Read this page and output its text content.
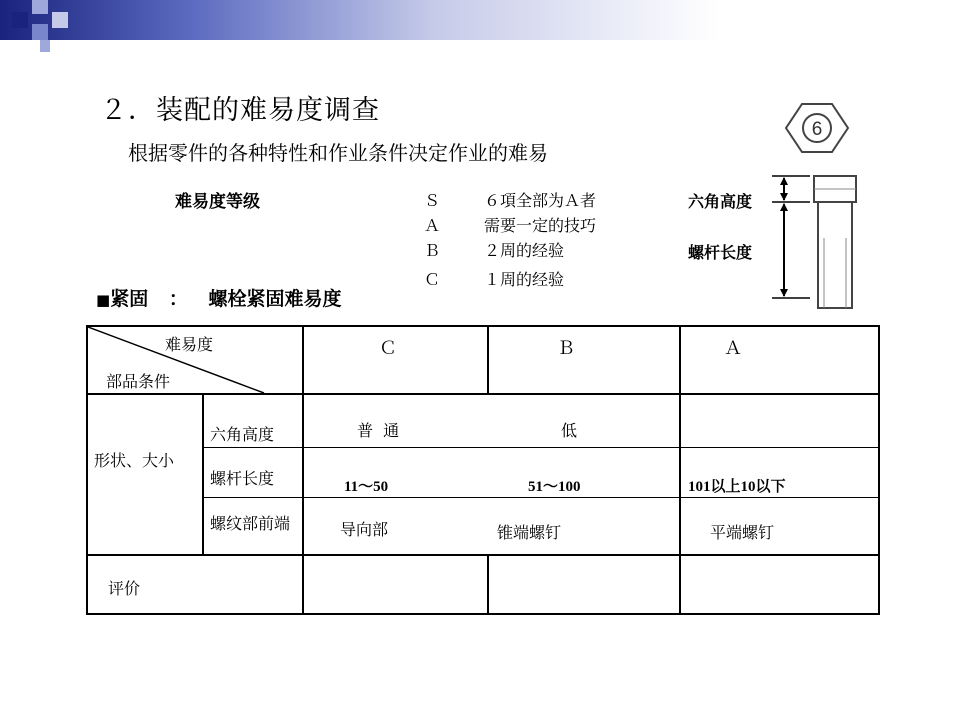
２．装配的难易度调查
根据零件的各种特性和作业条件决定作业的难易
难易度等级	Ｓ	６項全部为Ａ者
Ａ	需要一定的技巧
Ｂ	２周的经验
Ｃ	１周的经验
6
六角高度
螺杆长度
■紧固 ： 螺栓紧固难易度
难易度
部品条件
Ｃ	Ｂ	Ａ
形状、大小
六角高度	普  通	低
螺杆长度	11～50	51～100	101以上10以下
螺纹部前端	导向部	锥端螺钉	平端螺钉
评价
